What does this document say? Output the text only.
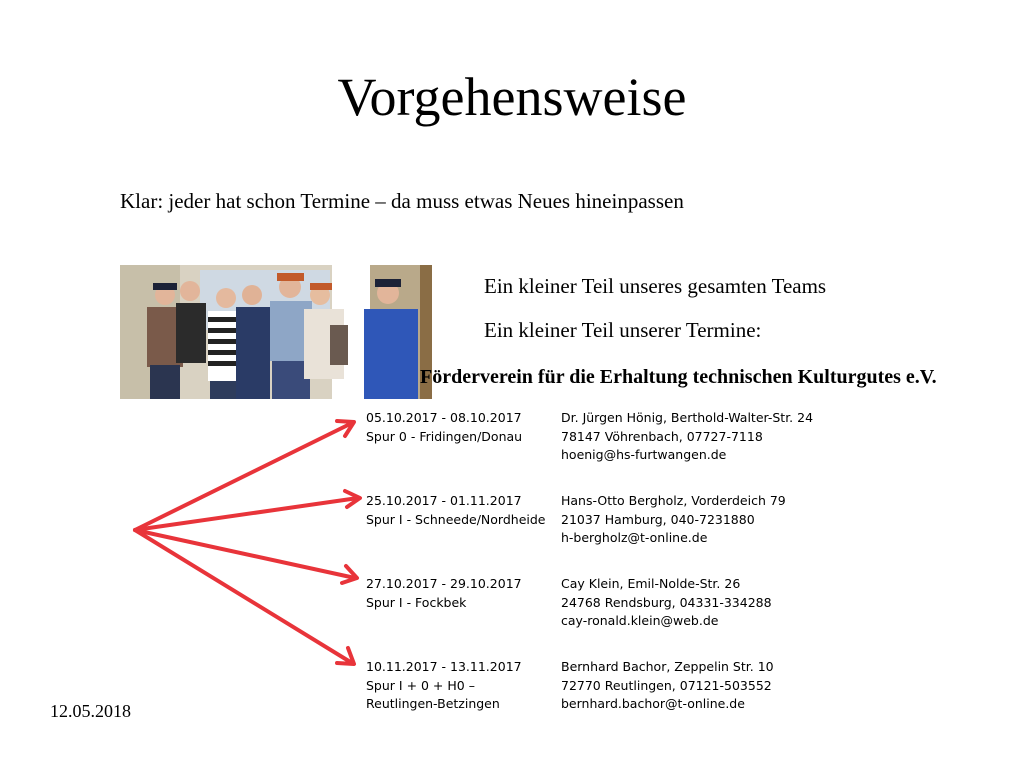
Vorgehensweise
Klar: jeder hat schon Termine – da muss etwas Neues hineinpassen
Ein kleiner Teil unseres gesamten Teams
Ein kleiner Teil unserer Termine:
Förderverein für die Erhaltung technischen Kulturgutes e.V.
05.10.2017 - 08.10.2017
Spur 0 - Fridingen/Donau
Dr. Jürgen Hönig, Berthold-Walter-Str. 24
78147 Vöhrenbach, 07727-7118
hoenig@hs-furtwangen.de
25.10.2017 - 01.11.2017
Spur I - Schneede/Nordheide
Hans-Otto Bergholz, Vorderdeich 79
21037 Hamburg, 040-7231880
h-bergholz@t-online.de
27.10.2017 - 29.10.2017
Spur I - Fockbek
Cay Klein, Emil-Nolde-Str. 26
24768 Rendsburg, 04331-334288
cay-ronald.klein@web.de
10.11.2017 - 13.11.2017
Spur I + 0 + H0 –
Reutlingen-Betzingen
Bernhard Bachor, Zeppelin Str. 10
72770 Reutlingen, 07121-503552
bernhard.bachor@t-online.de
12.05.2018
